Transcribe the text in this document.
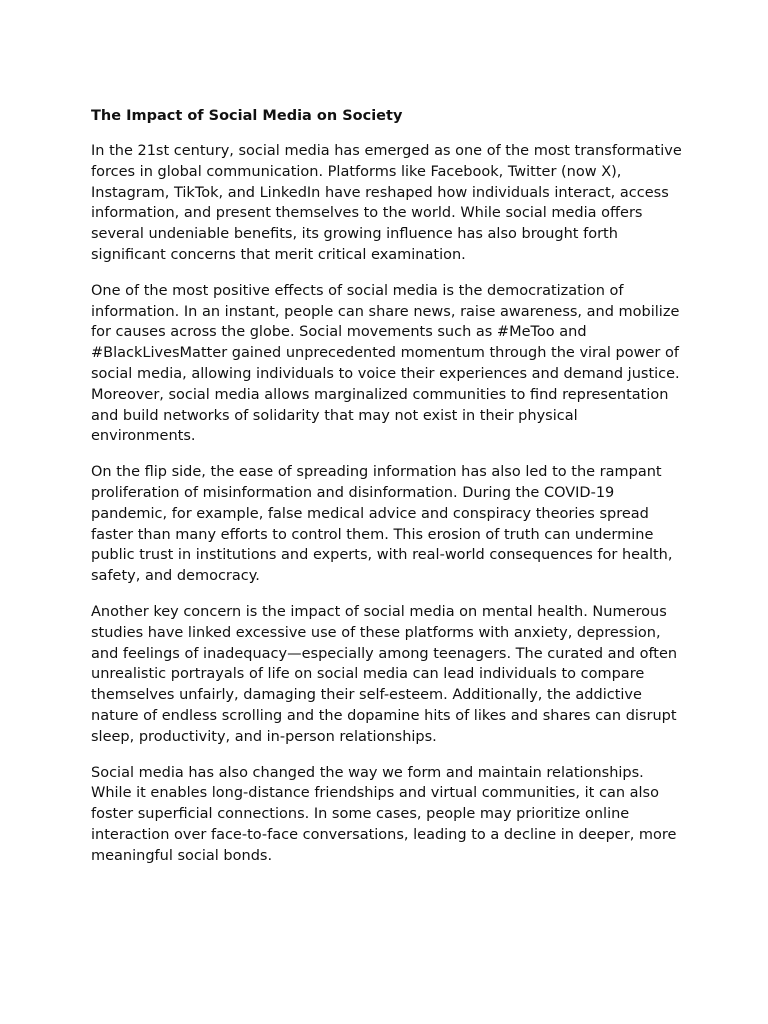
The Impact of Social Media on Society

In the 21st century, social media has emerged as one of the most transformative forces in global communication. Platforms like Facebook, Twitter (now X), Instagram, TikTok, and LinkedIn have reshaped how individuals interact, access information, and present themselves to the world. While social media offers several undeniable benefits, its growing influence has also brought forth significant concerns that merit critical examination.

One of the most positive effects of social media is the democratization of information. In an instant, people can share news, raise awareness, and mobilize for causes across the globe. Social movements such as #MeToo and #BlackLivesMatter gained unprecedented momentum through the viral power of social media, allowing individuals to voice their experiences and demand justice. Moreover, social media allows marginalized communities to find representation and build networks of solidarity that may not exist in their physical environments.

On the flip side, the ease of spreading information has also led to the rampant proliferation of misinformation and disinformation. During the COVID-19 pandemic, for example, false medical advice and conspiracy theories spread faster than many efforts to control them. This erosion of truth can undermine public trust in institutions and experts, with real-world consequences for health, safety, and democracy.

Another key concern is the impact of social media on mental health. Numerous studies have linked excessive use of these platforms with anxiety, depression, and feelings of inadequacy—especially among teenagers. The curated and often unrealistic portrayals of life on social media can lead individuals to compare themselves unfairly, damaging their self-esteem. Additionally, the addictive nature of endless scrolling and the dopamine hits of likes and shares can disrupt sleep, productivity, and in-person relationships.

Social media has also changed the way we form and maintain relationships. While it enables long-distance friendships and virtual communities, it can also foster superficial connections. In some cases, people may prioritize online interaction over face-to-face conversations, leading to a decline in deeper, more meaningful social bonds.
